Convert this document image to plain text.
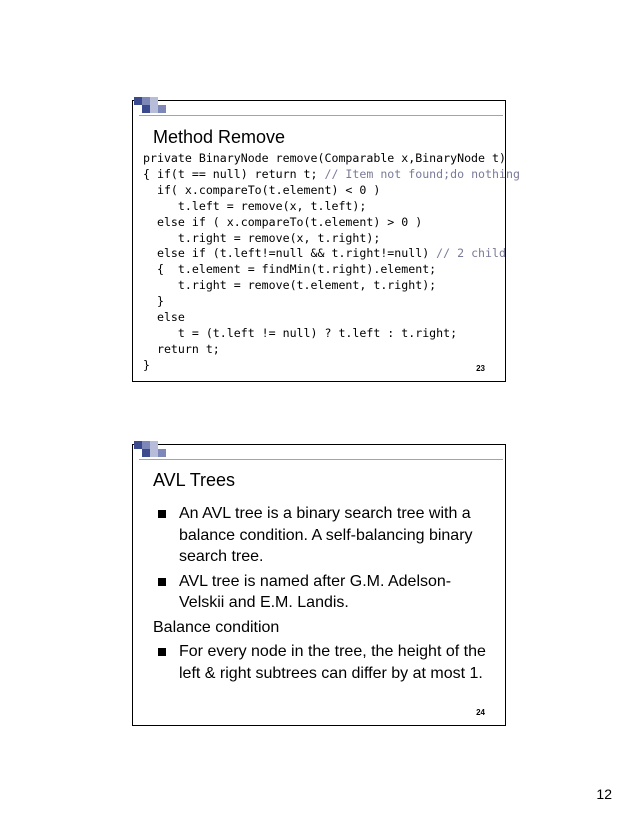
Method Remove
private BinaryNode remove(Comparable x,BinaryNode t)
{ if(t == null) return t; // Item not found;do nothing
if( x.compareTo(t.element) < 0 )
t.left = remove(x, t.left);
else if ( x.compareTo(t.element) > 0 )
t.right = remove(x, t.right);
else if (t.left!=null && t.right!=null) // 2 child
{  t.element = findMin(t.right).element;
t.right = remove(t.element, t.right);
}
else
t = (t.left != null) ? t.left : t.right;
return t;
}	23
AVL Trees
An AVL tree is a binary search tree with a balance condition. A self-balancing binary search tree.
AVL tree is named after G.M. Adelson-Velskii and E.M. Landis.
Balance condition
For every node in the tree, the height of the left & right subtrees can differ by at most 1.
24
12
